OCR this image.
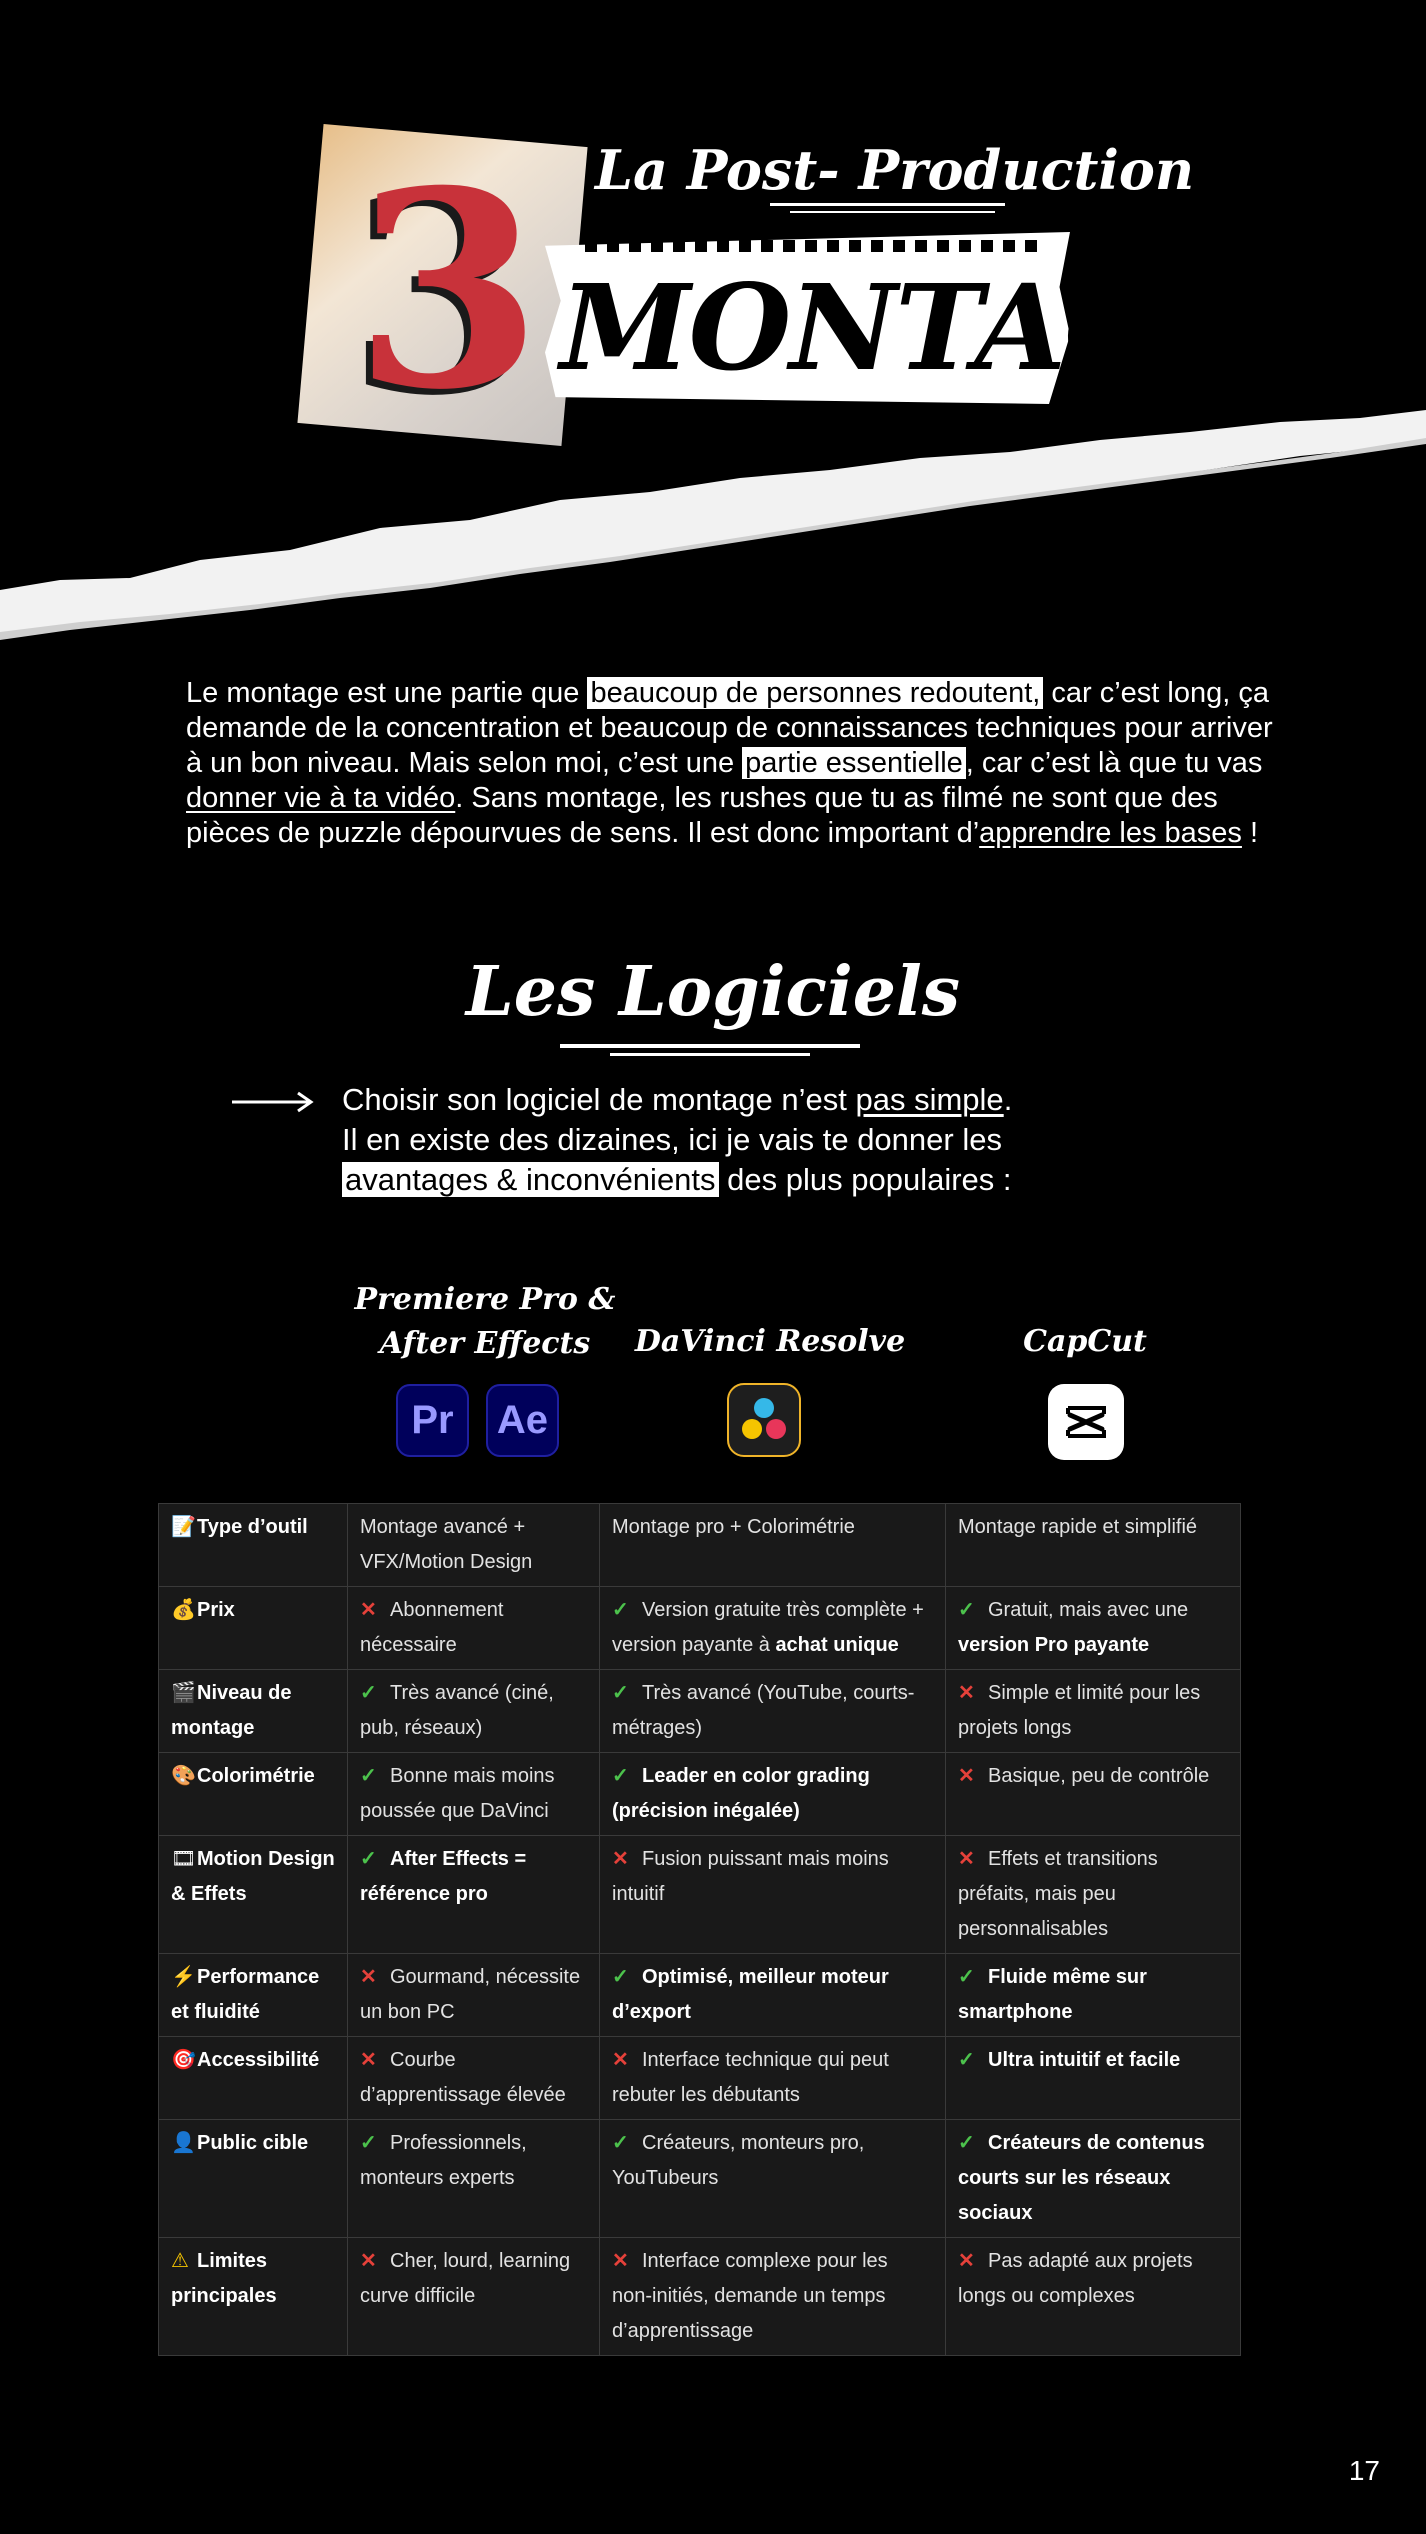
3 La Post- Production
MONTAGE

Le montage est une partie que beaucoup de personnes redoutent, car c’est long, ça demande de la concentration et beaucoup de connaissances techniques pour arriver à un bon niveau. Mais selon moi, c’est une partie essentielle , car c’est là que tu vas donner vie à ta vidéo. Sans montage, les rushes que tu as filmé ne sont que des pièces de puzzle dépourvues de sens. Il est donc important d’apprendre les bases !

Les Logiciels
Choisir son logiciel de montage n’est pas simple.
Il en existe des dizaines, ici je vais te donner les
avantages & inconvénients des plus populaires :
Premiere Pro &
After Effects	DaVinci Resolve	CapCut
Pr	Ae
📝Type d’outil	Montage avancé + VFX/Motion Design	Montage pro + Colorimétrie	Montage rapide et simplifié
💰Prix	✕ Abonnement nécessaire	✓ Version gratuite très complète + version payante à achat unique	✓ Gratuit, mais avec une version Pro payante
🎬Niveau de montage	✓ Très avancé (ciné, pub, réseaux)	✓ Très avancé (YouTube, courts-métrages)	✕ Simple et limité pour les projets longs
🎨Colorimétrie	✓ Bonne mais moins poussée que DaVinci	✓ Leader en color grading (précision inégalée)	✕ Basique, peu de contrôle
🎞Motion Design & Effets	✓ After Effects = référence pro	✕ Fusion puissant mais moins intuitif	✕ Effets et transitions préfaits, mais peu personnalisables
⚡Performance et fluidité	✕ Gourmand, nécessite un bon PC	✓ Optimisé, meilleur moteur d’export	✓ Fluide même sur smartphone
🎯Accessibilité	✕ Courbe d’apprentissage élevée	✕ Interface technique qui peut rebuter les débutants	✓ Ultra intuitif et facile
👤Public cible	✓ Professionnels, monteurs experts	✓ Créateurs, monteurs pro, YouTubeurs	✓ Créateurs de contenus courts sur les réseaux sociaux
⚠ Limites principales	✕ Cher, lourd, learning curve difficile	✕ Interface complexe pour les non-initiés, demande un temps d’apprentissage	✕ Pas adapté aux projets longs ou complexes
17
